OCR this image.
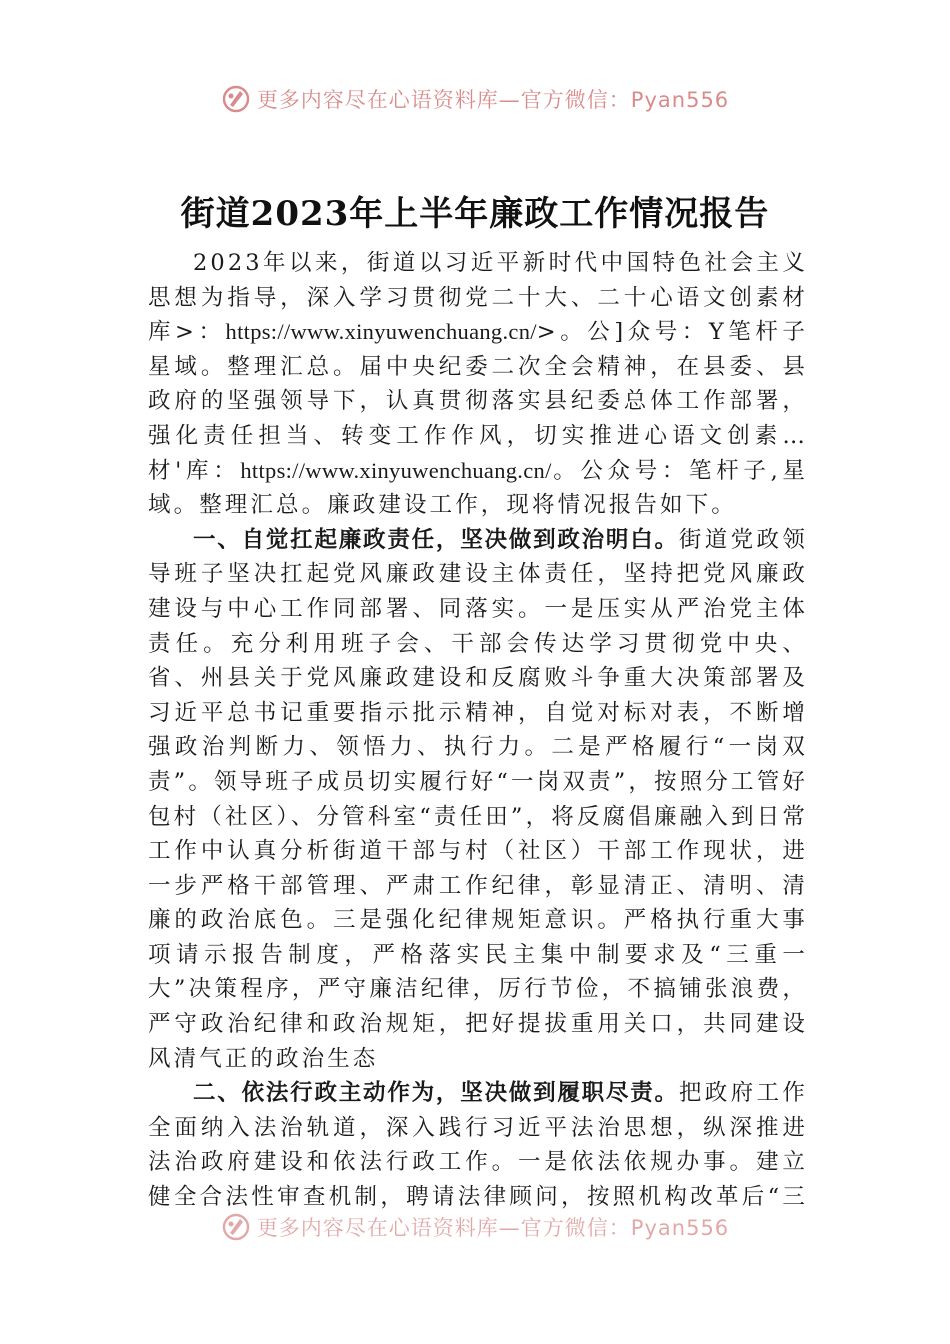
更多内容尽在心语资料库—官方微信：Pyan556
街道2023年上半年廉政工作情况报告

2023年以来，街道以习近平新时代中国特色社会主义思想为指导，深入学习贯彻党二十大、二十心语文创素材库>：https://www.xinyuwenchuang.cn/>。公]众号：Y笔杆子星域。整理汇总。届中央纪委二次全会精神，在县委、县政府的坚强领导下，认真贯彻落实县纪委总体工作部署，强化责任担当、转变工作作风，切实推进心语文创素…材'库：https://www.xinyuwenchuang.cn/。公众号：笔杆子,星域。整理汇总。廉政建设工作，现将情况报告如下。

一、自觉扛起廉政责任，坚决做到政治明白。街道党政领导班子坚决扛起党风廉政建设主体责任，坚持把党风廉政建设与中心工作同部署、同落实。一是压实从严治党主体责任。充分利用班子会、干部会传达学习贯彻党中央、省、州县关于党风廉政建设和反腐败斗争重大决策部署及习近平总书记重要指示批示精神，自觉对标对表，不断增强政治判断力、领悟力、执行力。二是严格履行“一岗双责”。领导班子成员切实履行好“一岗双责”，按照分工管好包村（社区）、分管科室“责任田”，将反腐倡廉融入到日常工作中认真分析街道干部与村（社区）干部工作现状，进一步严格干部管理、严肃工作纪律，彰显清正、清明、清廉的政治底色。三是强化纪律规矩意识。严格执行重大事项请示报告制度，严格落实民主集中制要求及“三重一大”决策程序，严守廉洁纪律，厉行节俭，不搞铺张浪费，严守政治纪律和政治规矩，把好提拔重用关口，共同建设风清气正的政治生态

二、依法行政主动作为，坚决做到履职尽责。把政府工作全面纳入法治轨道，深入践行习近平法治思想，纵深推进法治政府建设和依法行政工作。一是依法依规办事。建立健全合法性审查机制，聘请法律顾问，按照机构改革后“三

更多内容尽在心语资料库—官方微信：Pyan556
